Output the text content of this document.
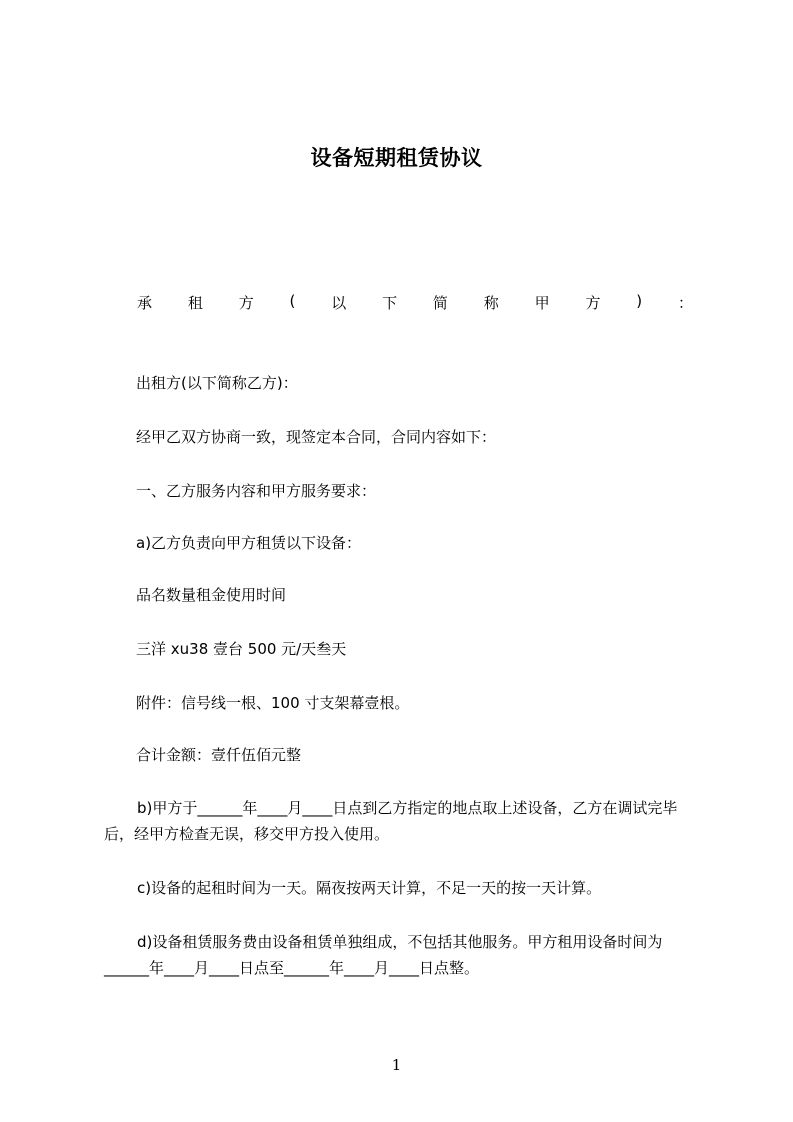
设备短期租赁协议
承 租 方 ( 以 下 简 称 甲 方 ) ：
出租方(以下简称乙方)：
经甲乙双方协商一致，现签定本合同，合同内容如下：
一、乙方服务内容和甲方服务要求：
a)乙方负责向甲方租赁以下设备：
品名数量租金使用时间
三洋 xu38 壹台 500 元/天叁天
附件：信号线一根、100 寸支架幕壹根。
合计金额：壹仟伍佰元整
b)甲方于______年____月____日点到乙方指定的地点取上述设备，乙方在调试完毕后，经甲方检查无误，移交甲方投入使用。
c)设备的起租时间为一天。隔夜按两天计算，不足一天的按一天计算。
d)设备租赁服务费由设备租赁单独组成，不包括其他服务。甲方租用设备时间为______年____月____日点至______年____月____日点整。
1
